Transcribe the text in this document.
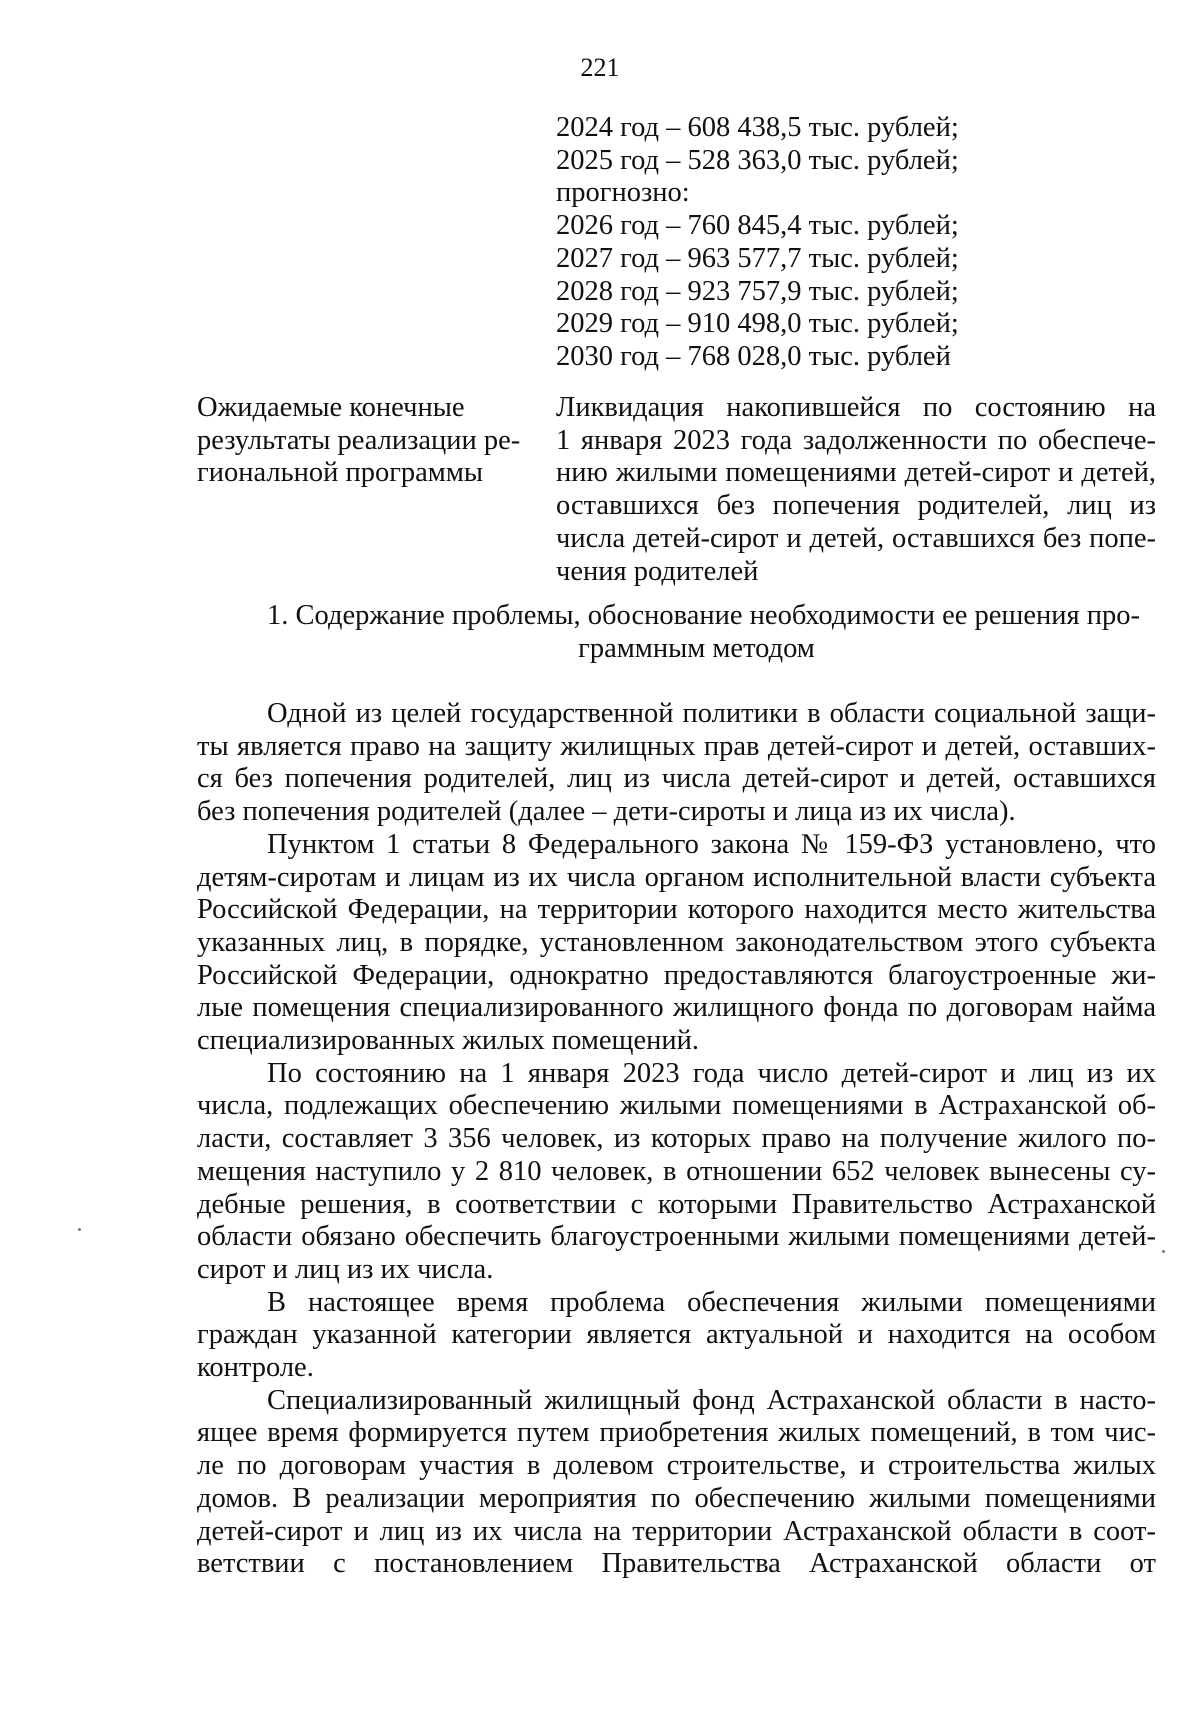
221
2024 год – 608 438,5 тыс. рублей;
2025 год – 528 363,0 тыс. рублей;
прогнозно:
2026 год – 760 845,4 тыс. рублей;
2027 год – 963 577,7 тыс. рублей;
2028 год – 923 757,9 тыс. рублей;
2029 год – 910 498,0 тыс. рублей;
2030 год – 768 028,0 тыс. рублей
Ожидаемые конечные
результаты реализации ре-
гиональной программы
Ликвидация накопившейся по состоянию на
1 января 2023 года задолженности по обеспече-
нию жилыми помещениями детей-сирот и детей,
оставшихся без попечения родителей, лиц из
числа детей-сирот и детей, оставшихся без попе-
чения родителей
1. Содержание проблемы, обоснование необходимости ее решения про-
граммным методом
Одной из целей государственной политики в области социальной защи-
ты является право на защиту жилищных прав детей-сирот и детей, оставших-
ся без попечения родителей, лиц из числа детей-сирот и детей, оставшихся
без попечения родителей (далее – дети-сироты и лица из их числа).
Пунктом 1 статьи 8 Федерального закона № 159-ФЗ установлено, что
детям-сиротам и лицам из их числа органом исполнительной власти субъекта
Российской Федерации, на территории которого находится место жительства
указанных лиц, в порядке, установленном законодательством этого субъекта
Российской Федерации, однократно предоставляются благоустроенные жи-
лые помещения специализированного жилищного фонда по договорам найма
специализированных жилых помещений.
По состоянию на 1 января 2023 года число детей-сирот и лиц из их
числа, подлежащих обеспечению жилыми помещениями в Астраханской об-
ласти, составляет 3 356 человек, из которых право на получение жилого по-
мещения наступило у 2 810 человек, в отношении 652 человек вынесены су-
дебные решения, в соответствии с которыми Правительство Астраханской
области обязано обеспечить благоустроенными жилыми помещениями детей-
сирот и лиц из их числа.
В настоящее время проблема обеспечения жилыми помещениями
граждан указанной категории является актуальной и находится на особом
контроле.
Специализированный жилищный фонд Астраханской области в насто-
ящее время формируется путем приобретения жилых помещений, в том чис-
ле по договорам участия в долевом строительстве, и строительства жилых
домов. В реализации мероприятия по обеспечению жилыми помещениями
детей-сирот и лиц из их числа на территории Астраханской области в соот-
ветствии с постановлением Правительства Астраханской области от
